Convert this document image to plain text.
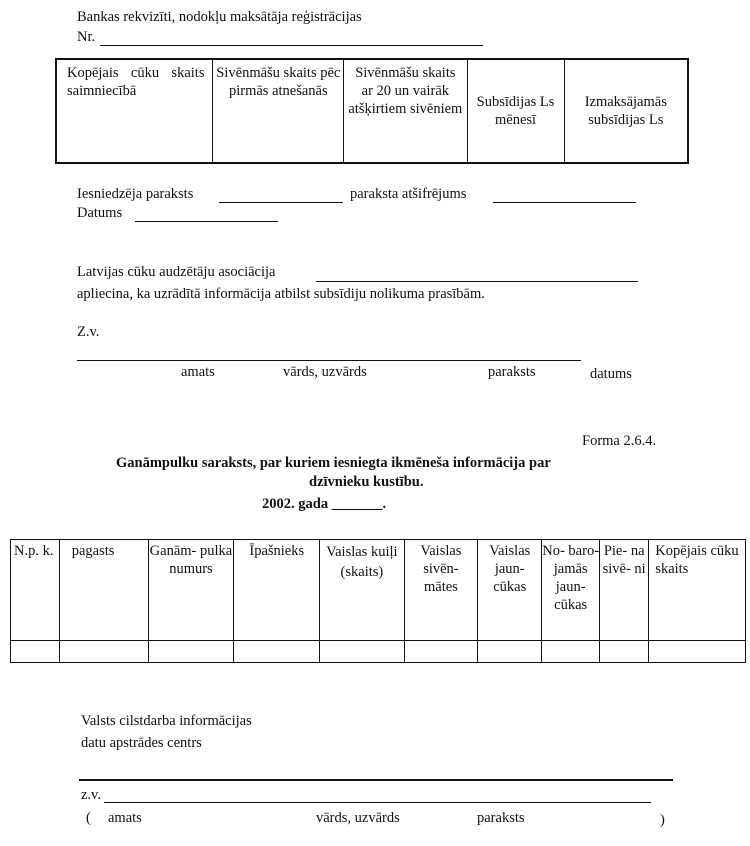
Bankas rekvizīti, nodokļu maksātāja reģistrācijas
Nr.
Kopējais cūku skaits saimniecībā	Sivēnmāšu skaits pēc pirmās atnešanās	Sivēnmāšu skaits ar 20 un vairāk atšķirtiem sivēniem	Subsīdijas Ls mēnesī	Izmaksājamās subsīdijas Ls
Iesniedzēja paraksts	paraksta atšifrējums
Datums
Latvijas cūku audzētāju asociācija
apliecina, ka uzrādītā informācija atbilst subsīdiju nolikuma prasībām.
Z.v.
amats	vārds, uzvārds	paraksts	datums
Forma 2.6.4.
Ganāmpulku saraksts, par kuriem iesniegta ikmēneša informācija par
dzīvnieku kustību.
2002. gada _______.
N.p. k.	pagasts	Ganām- pulka numurs	Īpašnieks	Vaislas kuiļi (skaits)	Vaislas sivēn- mātes	Vaislas jaun- cūkas	No- baro- jamās jaun- cūkas	Pie- na sivē- ni	Kopējais cūku skaits

Valsts cilstdarba informācijas
datu apstrādes centrs
z.v.
( amats	vārds, uzvārds	paraksts	)
